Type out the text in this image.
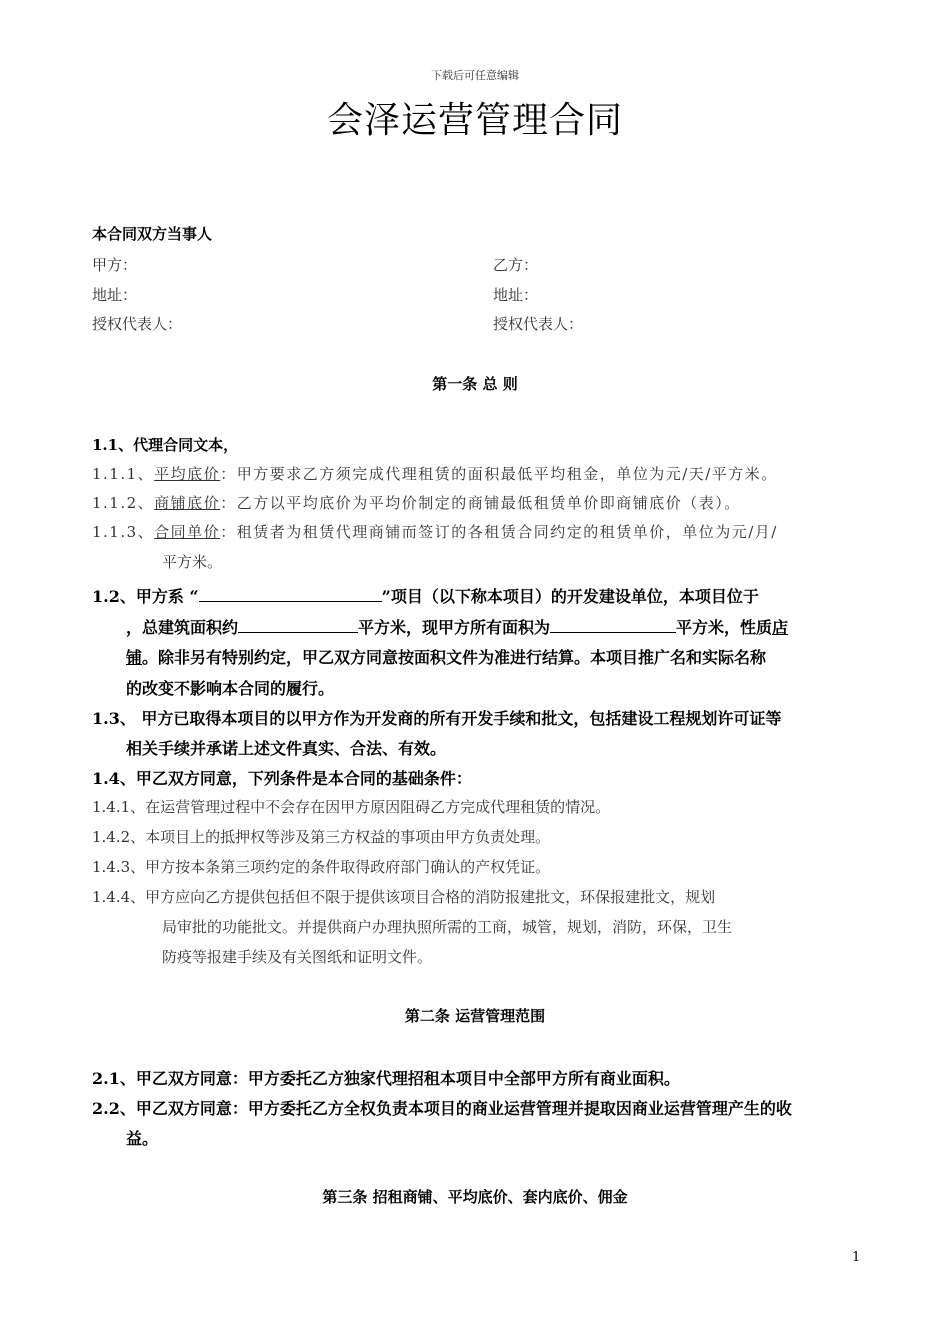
下载后可任意编辑
会泽运营管理合同
本合同双方当事人
甲方：	乙方：
地址：	地址：
授权代表人：	授权代表人：
第一条 总 则
1.1、代理合同文本，
1.1.1、平均底价：甲方要求乙方须完成代理租赁的面积最低平均租金，单位为元/天/平方米。
1.1.2、商铺底价：乙方以平均底价为平均价制定的商铺最低租赁单价即商铺底价（表）。
1.1.3、合同单价：租赁者为租赁代理商铺而签订的各租赁合同约定的租赁单价，单位为元/月/
平方米。
1.2、甲方系 “	”项目（以下称本项目）的开发建设单位，本项目位于
，总建筑面积约	平方米，现甲方所有面积为	平方米，性质店
铺。除非另有特别约定，甲乙双方同意按面积文件为准进行结算。本项目推广名和实际名称
的改变不影响本合同的履行。
1.3、 甲方已取得本项目的以甲方作为开发商的所有开发手续和批文，包括建设工程规划许可证等
相关手续并承诺上述文件真实、合法、有效。
1.4、甲乙双方同意，下列条件是本合同的基础条件：
1.4.1、在运营管理过程中不会存在因甲方原因阻碍乙方完成代理租赁的情况。
1.4.2、本项目上的抵押权等涉及第三方权益的事项由甲方负责处理。
1.4.3、甲方按本条第三项约定的条件取得政府部门确认的产权凭证。
1.4.4、甲方应向乙方提供包括但不限于提供该项目合格的消防报建批文，环保报建批文，规划
局审批的功能批文。并提供商户办理执照所需的工商，城管，规划，消防，环保，卫生
防疫等报建手续及有关图纸和证明文件。
第二条 运营管理范围
2.1、甲乙双方同意：甲方委托乙方独家代理招租本项目中全部甲方所有商业面积。
2.2、甲乙双方同意：甲方委托乙方全权负责本项目的商业运营管理并提取因商业运营管理产生的收
益。
第三条 招租商铺、平均底价、套内底价、佣金
1
